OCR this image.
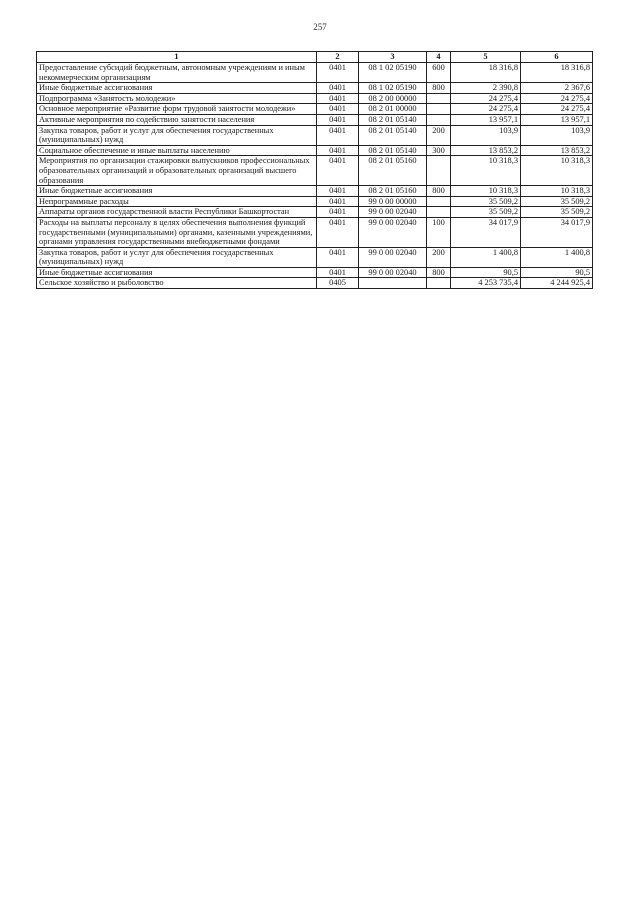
257
1	2	3	4	5	6
Предоставление субсидий бюджетным, автономным учреждениям и иным некоммерческим организациям	0401	08 1 02 05190	600	18 316,8	18 316,8
Иные бюджетные ассигнования	0401	08 1 02 05190	800	2 390,8	2 367,6
Подпрограмма «Занятость молодежи»	0401	08 2 00 00000		24 275,4	24 275,4
Основное мероприятие «Развитие форм трудовой занятости молодежи»	0401	08 2 01 00000		24 275,4	24 275,4
Активные мероприятия по содействию занятости населения	0401	08 2 01 05140		13 957,1	13 957,1
Закупка товаров, работ и услуг для обеспечения государственных (муниципальных) нужд	0401	08 2 01 05140	200	103,9	103,9
Социальное обеспечение и иные выплаты населению	0401	08 2 01 05140	300	13 853,2	13 853,2
Мероприятия по организации стажировки выпускников профессиональных образовательных организаций и образовательных организаций высшего образования	0401	08 2 01 05160		10 318,3	10 318,3
Иные бюджетные ассигнования	0401	08 2 01 05160	800	10 318,3	10 318,3
Непрограммные расходы	0401	99 0 00 00000		35 509,2	35 509,2
Аппараты органов государственной власти Республики Башкортостан	0401	99 0 00 02040		35 509,2	35 509,2
Расходы на выплаты персоналу в целях обеспечения выполнения функций государственными (муниципальными) органами, казенными учреждениями, органами управления государственными внебюджетными фондами	0401	99 0 00 02040	100	34 017,9	34 017,9
Закупка товаров, работ и услуг для обеспечения государственных (муниципальных) нужд	0401	99 0 00 02040	200	1 400,8	1 400,8
Иные бюджетные ассигнования	0401	99 0 00 02040	800	90,5	90,5
Сельское хозяйство и рыболовство	0405			4 253 735,4	4 244 925,4
